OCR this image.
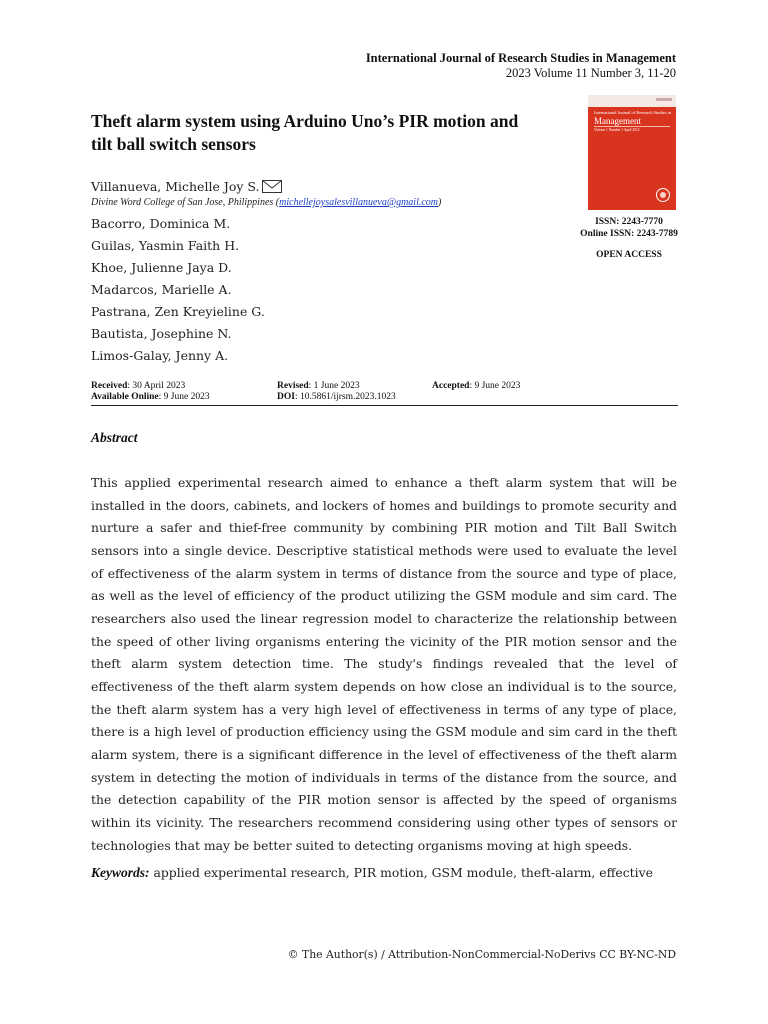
International Journal of Research Studies in Management
2023 Volume 11 Number 3, 11-20
Theft alarm system using Arduino Uno’s PIR motion and
tilt ball switch sensors
International Journal of Research Studies in
Management
Volume 1 Number 1 April 2012
ISSN: 2243-7770
Online ISSN: 2243-7789
OPEN ACCESS
Villanueva, Michelle Joy S.
Divine Word College of San Jose, Philippines (michellejoysalesvillanueva@gmail.com)
Bacorro, Dominica M.
Guilas, Yasmin Faith H.
Khoe, Julienne Jaya D.
Madarcos, Marielle A.
Pastrana, Zen Kreyieline G.
Bautista, Josephine N.
Limos-Galay, Jenny A.
Received: 30 April 2023	Revised: 1 June 2023	Accepted: 9 June 2023
Available Online: 9 June 2023	DOI: 10.5861/ijrsm.2023.1023
Abstract

This applied experimental research aimed to enhance a theft alarm system that will be installed in the doors, cabinets, and lockers of homes and buildings to promote security and nurture a safer and thief-free community by combining PIR motion and Tilt Ball Switch sensors into a single device. Descriptive statistical methods were used to evaluate the level of effectiveness of the alarm system in terms of distance from the source and type of place, as well as the level of efficiency of the product utilizing the GSM module and sim card. The researchers also used the linear regression model to characterize the relationship between the speed of other living organisms entering the vicinity of the PIR motion sensor and the theft alarm system detection time. The study's findings revealed that the level of effectiveness of the theft alarm system depends on how close an individual is to the source, the theft alarm system has a very high level of effectiveness in terms of any type of place, there is a high level of production efficiency using the GSM module and sim card in the theft alarm system, there is a significant difference in the level of effectiveness of the theft alarm system in detecting the motion of individuals in terms of the distance from the source, and the detection capability of the PIR motion sensor is affected by the speed of organisms within its vicinity. The researchers recommend considering using other types of sensors or technologies that may be better suited to detecting organisms moving at high speeds.

Keywords: applied experimental research, PIR motion, GSM module, theft-alarm, effective
© The Author(s) / Attribution-NonCommercial-NoDerivs CC BY-NC-ND
